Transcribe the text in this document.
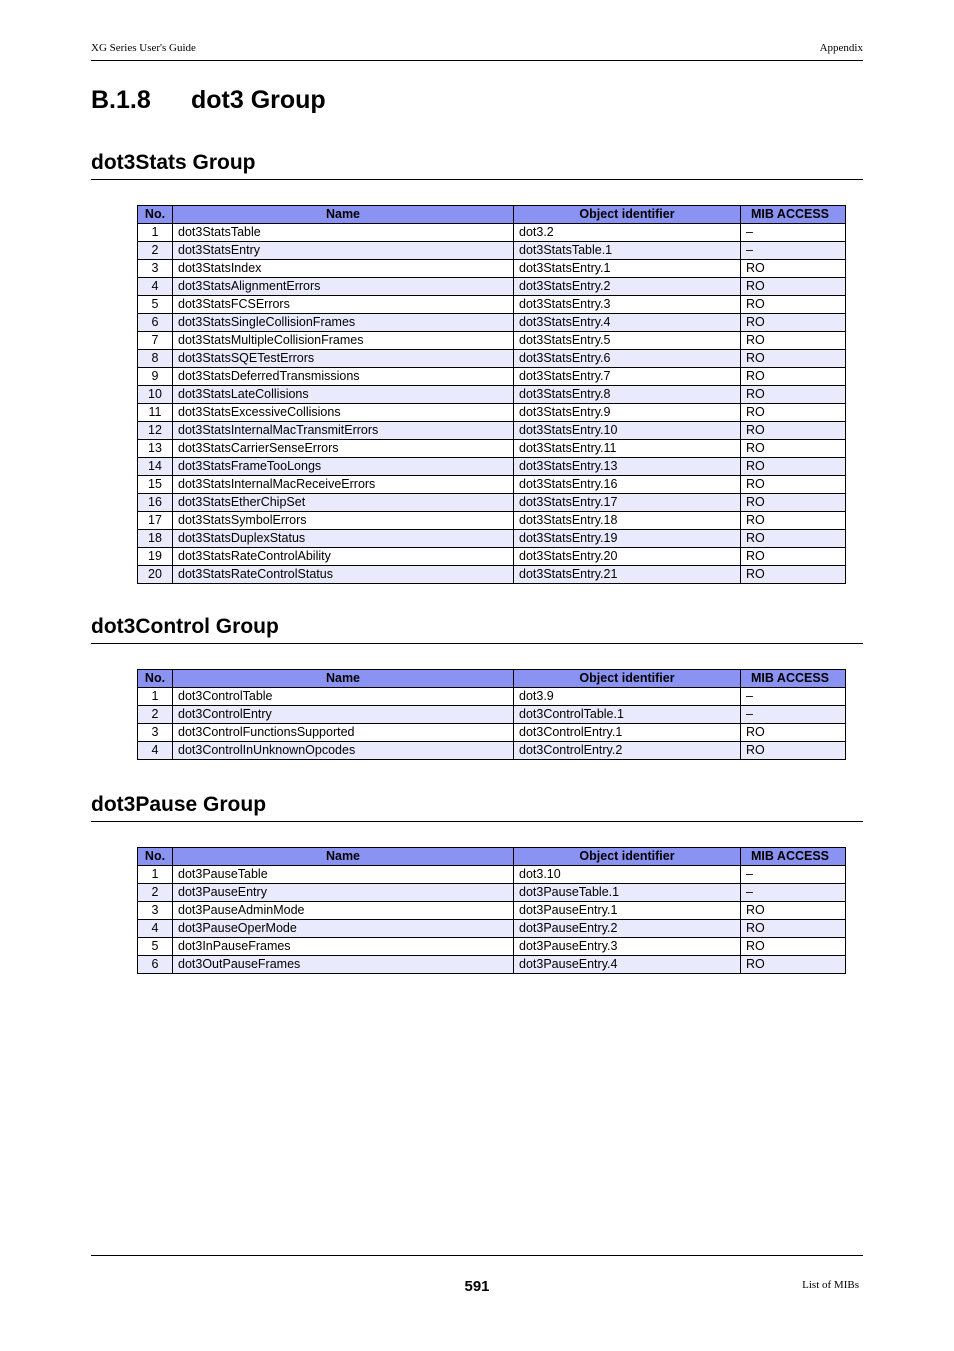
XG Series User's Guide	Appendix
B.1.8 dot3 Group
dot3Stats Group
No.	Name	Object identifier	MIB ACCESS
1	dot3StatsTable	dot3.2	–
2	dot3StatsEntry	dot3StatsTable.1	–
3	dot3StatsIndex	dot3StatsEntry.1	RO
4	dot3StatsAlignmentErrors	dot3StatsEntry.2	RO
5	dot3StatsFCSErrors	dot3StatsEntry.3	RO
6	dot3StatsSingleCollisionFrames	dot3StatsEntry.4	RO
7	dot3StatsMultipleCollisionFrames	dot3StatsEntry.5	RO
8	dot3StatsSQETestErrors	dot3StatsEntry.6	RO
9	dot3StatsDeferredTransmissions	dot3StatsEntry.7	RO
10	dot3StatsLateCollisions	dot3StatsEntry.8	RO
11	dot3StatsExcessiveCollisions	dot3StatsEntry.9	RO
12	dot3StatsInternalMacTransmitErrors	dot3StatsEntry.10	RO
13	dot3StatsCarrierSenseErrors	dot3StatsEntry.11	RO
14	dot3StatsFrameTooLongs	dot3StatsEntry.13	RO
15	dot3StatsInternalMacReceiveErrors	dot3StatsEntry.16	RO
16	dot3StatsEtherChipSet	dot3StatsEntry.17	RO
17	dot3StatsSymbolErrors	dot3StatsEntry.18	RO
18	dot3StatsDuplexStatus	dot3StatsEntry.19	RO
19	dot3StatsRateControlAbility	dot3StatsEntry.20	RO
20	dot3StatsRateControlStatus	dot3StatsEntry.21	RO
dot3Control Group
No.	Name	Object identifier	MIB ACCESS
1	dot3ControlTable	dot3.9	–
2	dot3ControlEntry	dot3ControlTable.1	–
3	dot3ControlFunctionsSupported	dot3ControlEntry.1	RO
4	dot3ControlInUnknownOpcodes	dot3ControlEntry.2	RO
dot3Pause Group
No.	Name	Object identifier	MIB ACCESS
1	dot3PauseTable	dot3.10	–
2	dot3PauseEntry	dot3PauseTable.1	–
3	dot3PauseAdminMode	dot3PauseEntry.1	RO
4	dot3PauseOperMode	dot3PauseEntry.2	RO
5	dot3InPauseFrames	dot3PauseEntry.3	RO
6	dot3OutPauseFrames	dot3PauseEntry.4	RO
591	List of MIBs
